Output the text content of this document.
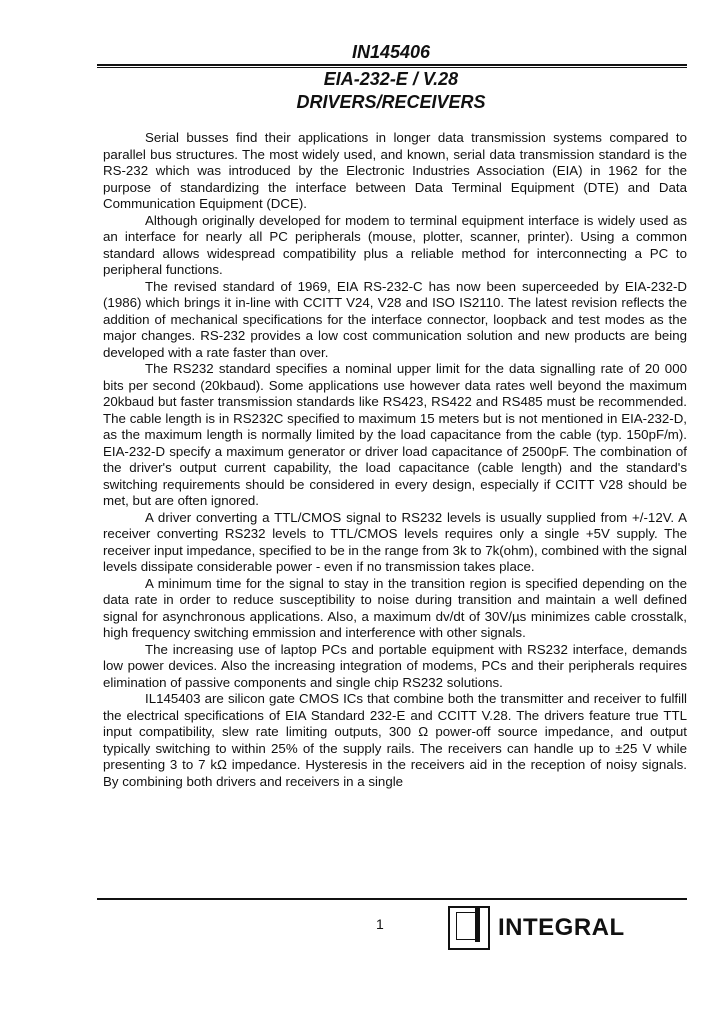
IN145406
EIA-232-E / V.28
DRIVERS/RECEIVERS

Serial busses find their applications in longer data transmission systems compared to parallel bus structures. The most widely used, and known, serial data transmission standard is the RS-232 which was introduced by the Electronic Industries Association (EIA) in 1962 for the purpose of standardizing the interface between Data Terminal Equipment (DTE) and Data Communication Equipment (DCE).

Although originally developed for modem to terminal equipment interface is widely used as an interface for nearly all PC peripherals (mouse, plotter, scanner, printer). Using a common standard allows widespread compatibility plus a reliable method for interconnecting a PC to peripheral functions.

The revised standard of 1969, EIA RS-232-C has now been superceeded by EIA-232-D (1986) which brings it in-line with CCITT V24, V28 and ISO IS2110. The latest revision reflects the addition of mechanical specifications for the interface connector, loopback and test modes as the major changes. RS-232 provides a low cost communication solution and new products are being developed with a rate faster than over.

The RS232 standard specifies a nominal upper limit for the data signalling rate of 20 000 bits per second (20kbaud). Some applications use however data rates well beyond the maximum 20kbaud but faster transmission standards like RS423, RS422 and RS485 must be recommended. The cable length is in RS232C specified to maximum 15 meters but is not mentioned in EIA-232-D, as the maximum length is normally limited by the load capacitance from the cable (typ. 150pF/m). EIA-232-D specify a maximum generator or driver load capacitance of 2500pF. The combination of the driver's output current capability, the load capacitance (cable length) and the standard's switching requirements should be considered in every design, especially if CCITT V28 should be met, but are often ignored.

A driver converting a TTL/CMOS signal to RS232 levels is usually supplied from +/-12V. A receiver converting RS232 levels to TTL/CMOS levels requires only a single +5V supply. The receiver input impedance, specified to be in the range from 3k to 7k(ohm), combined with the signal levels dissipate considerable power - even if no transmission takes place.

A minimum time for the signal to stay in the transition region is specified depending on the data rate in order to reduce susceptibility to noise during transition and maintain a well defined signal for asynchronous applications. Also, a maximum dv/dt of 30V/µs minimizes cable crosstalk, high frequency switching emmission and interference with other signals.

The increasing use of laptop PCs and portable equipment with RS232 interface, demands low power devices. Also the increasing integration of modems, PCs and their peripherals requires elimination of passive components and single chip RS232 solutions.

IL145403 are silicon gate CMOS ICs that combine both the transmitter and receiver to fulfill the electrical specifications of EIA Standard 232-E and CCITT V.28. The drivers feature true TTL input compatibility, slew rate limiting outputs, 300 Ω power-off source impedance, and output typically switching to within 25% of the supply rails. The receivers can handle up to ±25 V while presenting 3 to 7 kΩ impedance. Hysteresis in the receivers aid in the reception of noisy signals. By combining both drivers and receivers in a single

1	INTEGRAL
